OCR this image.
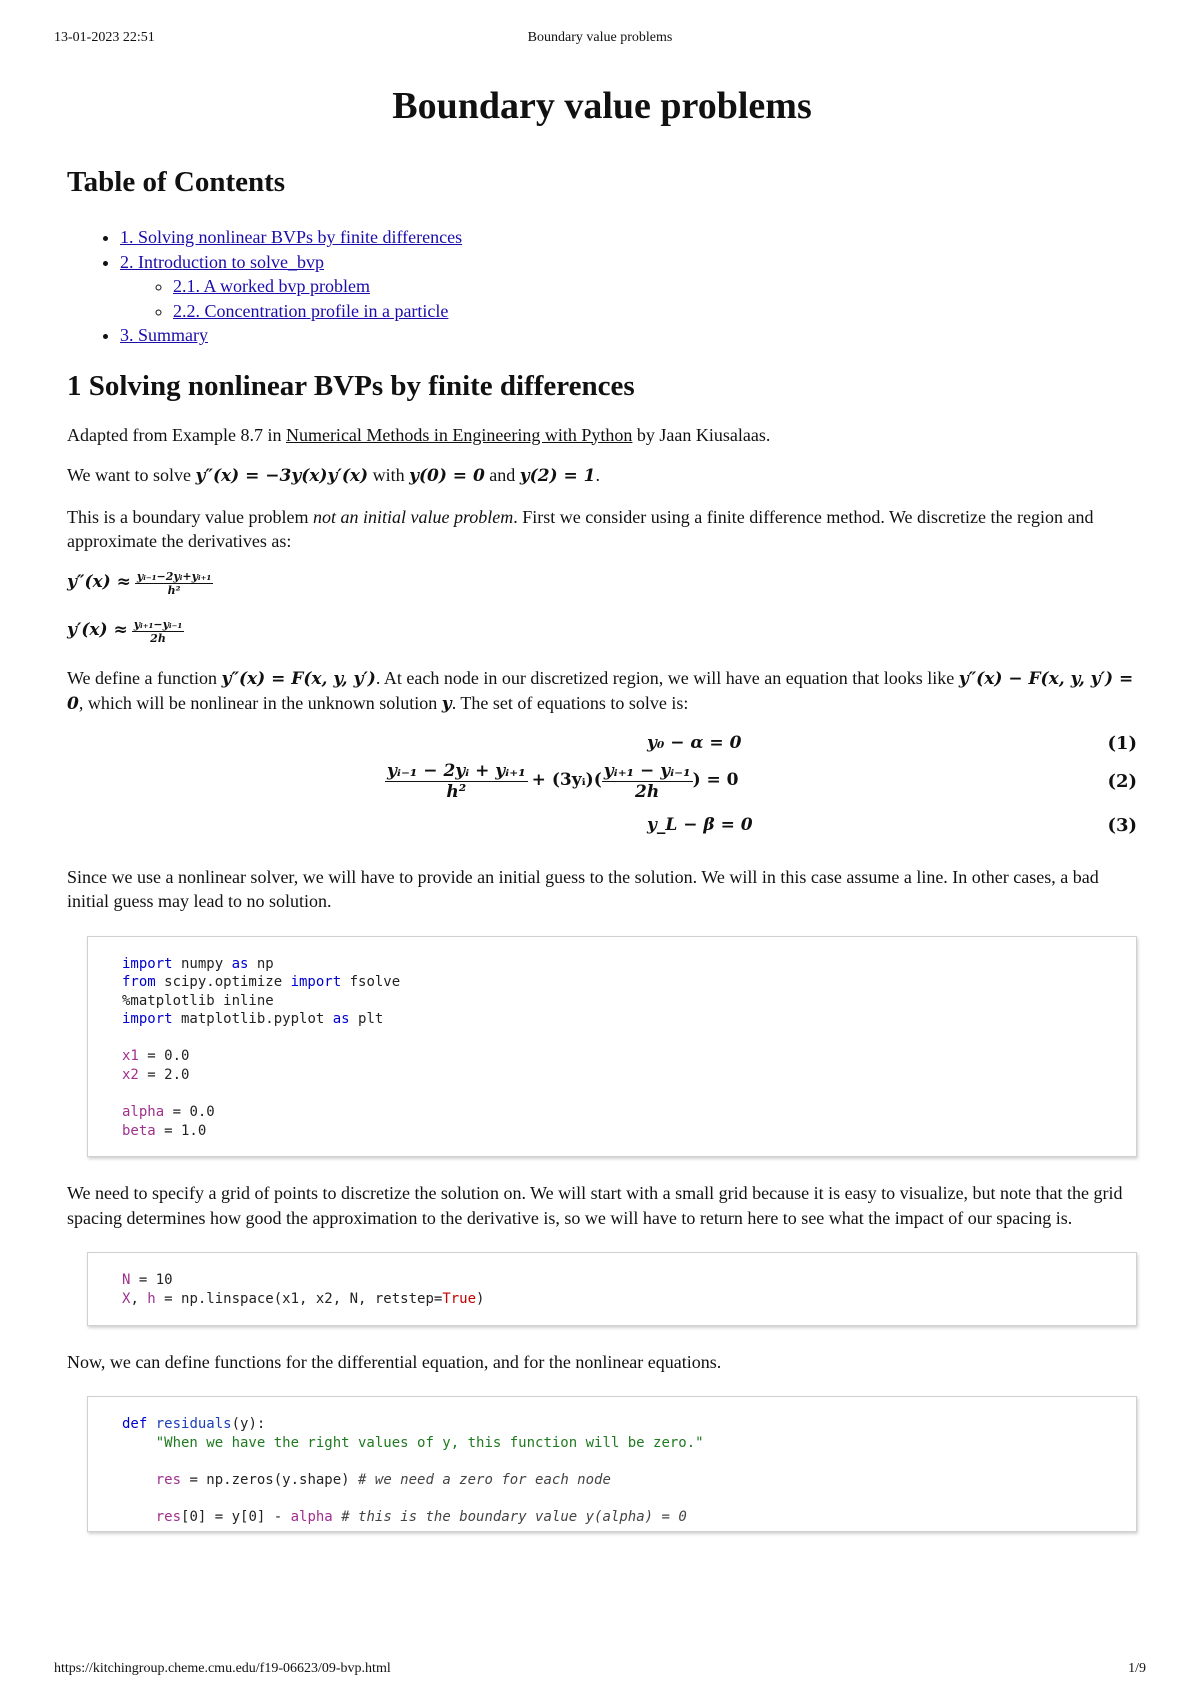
13-01-2023 22:51	Boundary value problems
Boundary value problems
Table of Contents
• 1. Solving nonlinear BVPs by finite differences
• 2. Introduction to solve_bvp
◦ 2.1. A worked bvp problem
◦ 2.2. Concentration profile in a particle
• 3. Summary
1 Solving nonlinear BVPs by finite differences

Adapted from Example 8.7 in Numerical Methods in Engineering with Python by Jaan Kiusalaas.

We want to solve y″(x) = −3y(x)y′(x) with y(0) = 0 and y(2) = 1.

This is a boundary value problem not an initial value problem. First we consider using a finite difference method. We discretize the region and approximate the derivatives as:

$y''(x) \approx \frac{\text{yᵢ₋₁−2yᵢ+yᵢ₊₁}}{\text{h²}}$
$y'(x) \approx \frac{\text{yᵢ₊₁−yᵢ₋₁}}{2h}$

We define a function y″(x) = F(x, y, y′). At each node in our discretized region, we will have an equation that looks like y″(x) − F(x, y, y′) = 0, which will be nonlinear in the unknown solution y. The set of equations to solve is:

y₀ − α = 0	(1)
$\frac{\text{yᵢ₋₁ − 2yᵢ + yᵢ₊₁}}{\text{h²}}$ + (3yᵢ)( $\frac{\text{yᵢ₊₁ − yᵢ₋₁}}{2h}$ ) = 0	(2)
y_L − β = 0	(3)

Since we use a nonlinear solver, we will have to provide an initial guess to the solution. We will in this case assume a line. In other cases, a bad initial guess may lead to no solution.

import numpy as np
from scipy.optimize import fsolve
%matplotlib inline
import matplotlib.pyplot as plt

x1 = 0.0
x2 = 2.0

alpha = 0.0
beta = 1.0

We need to specify a grid of points to discretize the solution on. We will start with a small grid because it is easy to visualize, but note that the grid spacing determines how good the approximation to the derivative is, so we will have to return here to see what the impact of our spacing is.

N = 10
X, h = np.linspace(x1, x2, N, retstep=True)

Now, we can define functions for the differential equation, and for the nonlinear equations.

def residuals(y):
"When we have the right values of y, this function will be zero."

res = np.zeros(y.shape) # we need a zero for each node

res[0] = y[0] - alpha # this is the boundary value y(alpha) = 0
https://kitchingroup.cheme.cmu.edu/f19-06623/09-bvp.html	1/9
